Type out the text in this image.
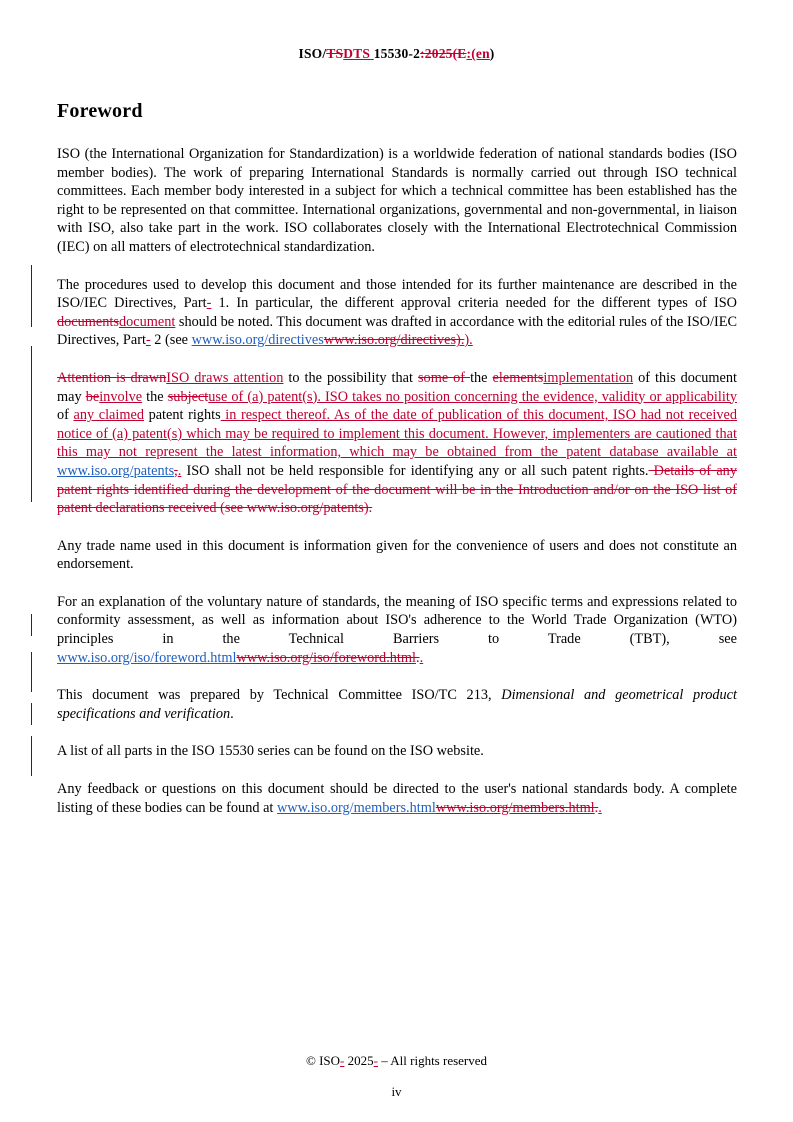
ISO/TSDTS 15530-2:2025(E:(en)
Foreword

ISO (the International Organization for Standardization) is a worldwide federation of national standards bodies (ISO member bodies). The work of preparing International Standards is normally carried out through ISO technical committees. Each member body interested in a subject for which a technical committee has been established has the right to be represented on that committee. International organizations, governmental and non-governmental, in liaison with ISO, also take part in the work. ISO collaborates closely with the International Electrotechnical Commission (IEC) on all matters of electrotechnical standardization.

The procedures used to develop this document and those intended for its further maintenance are described in the ISO/IEC Directives, Part- 1. In particular, the different approval criteria needed for the different types of ISO documentsdocument should be noted. This document was drafted in accordance with the editorial rules of the ISO/IEC Directives, Part- 2 (see www.iso.org/directiveswww.iso.org/directives).).

Attention is drawnISO draws attention to the possibility that some of the elementsimplementation of this document may beinvolve the subjectuse of (a) patent(s). ISO takes no position concerning the evidence, validity or applicability of any claimed patent rights in respect thereof. As of the date of publication of this document, ISO had not received notice of (a) patent(s) which may be required to implement this document. However, implementers are cautioned that this may not represent the latest information, which may be obtained from the patent database available at www.iso.org/patents,. ISO shall not be held responsible for identifying any or all such patent rights. Details of any patent rights identified during the development of the document will be in the Introduction and/or on the ISO list of patent declarations received (see www.iso.org/patents).

Any trade name used in this document is information given for the convenience of users and does not constitute an endorsement.

For an explanation of the voluntary nature of standards, the meaning of ISO specific terms and expressions related to conformity assessment, as well as information about ISO's adherence to the World Trade Organization (WTO) principles in the Technical Barriers to Trade (TBT), see www.iso.org/iso/foreword.htmlwww.iso.org/iso/foreword.html..

This document was prepared by Technical Committee ISO/TC 213, Dimensional and geometrical product specifications and verification.

A list of all parts in the ISO 15530 series can be found on the ISO website.

Any feedback or questions on this document should be directed to the user's national standards body. A complete listing of these bodies can be found at www.iso.org/members.htmlwww.iso.org/members.html..

© ISO- 2025- – All rights reserved
iv
